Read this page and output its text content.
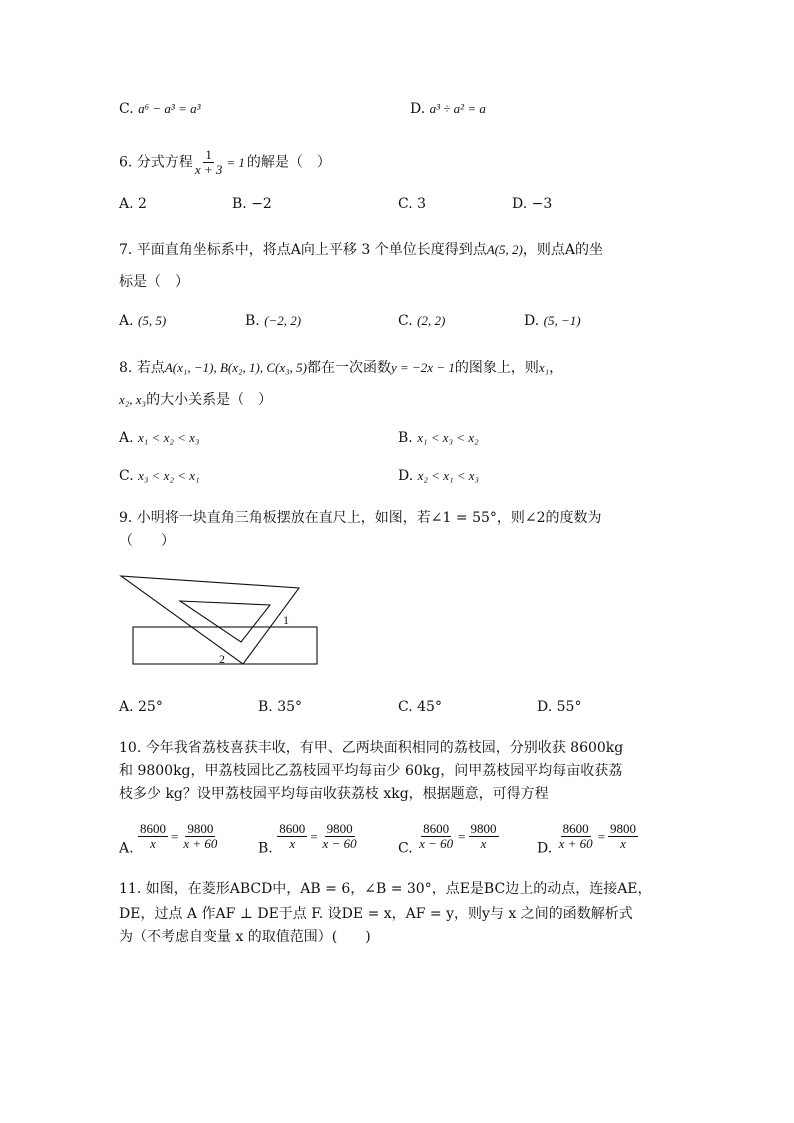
C. a⁶ − a³ = a³	D. a³ ÷ a² = a
6. 分式方程 $\frac{1}{x + 3} = 1$ 的解是（　）
A. 2	B. −2	C. 3	D. −3
7. 平面直角坐标系中，将点A向上平移 3 个单位长度得到点A(5, 2)，则点A的坐
标是（　）
A. (5, 5)	B. (−2, 2)	C. (2, 2)	D. (5, −1)
8. 若点A(x₁, −1), B(x₂, 1), C(x₃, 5)都在一次函数y = −2x − 1的图象上，则x₁，
x₂, x₃的大小关系是（　）
A. x₁ < x₂ < x₃	B. x₁ < x₃ < x₂
C. x₃ < x₂ < x₁	D. x₂ < x₁ < x₃
9. 小明将一块直角三角板摆放在直尺上，如图，若∠1 = 55°，则∠2的度数为
（　　）
1
2
A. 25°	B. 35°	C. 45°	D. 55°
10. 今年我省荔枝喜获丰收，有甲、乙两块面积相同的荔枝园，分别收获 8600kg
和 9800kg，甲荔枝园比乙荔枝园平均每亩少 60kg，问甲荔枝园平均每亩收获荔
枝多少 kg？设甲荔枝园平均每亩收获荔枝 xkg，根据题意，可得方程
A. $\frac{8600}{x} = \frac{9800}{x + 60}$	B. $\frac{8600}{x} = \frac{9800}{x - 60}$	C. $\frac{8600}{x - 60} = \frac{9800}{x}$	D. $\frac{8600}{x + 60} = \frac{9800}{x}$
11. 如图，在菱形ABCD中，AB = 6，∠B = 30°，点E是BC边上的动点，连接AE，
DE，过点 A 作AF ⊥ DE于点 F. 设DE = x，AF = y，则y与 x 之间的函数解析式
为（不考虑自变量 x 的取值范围）(　　)
